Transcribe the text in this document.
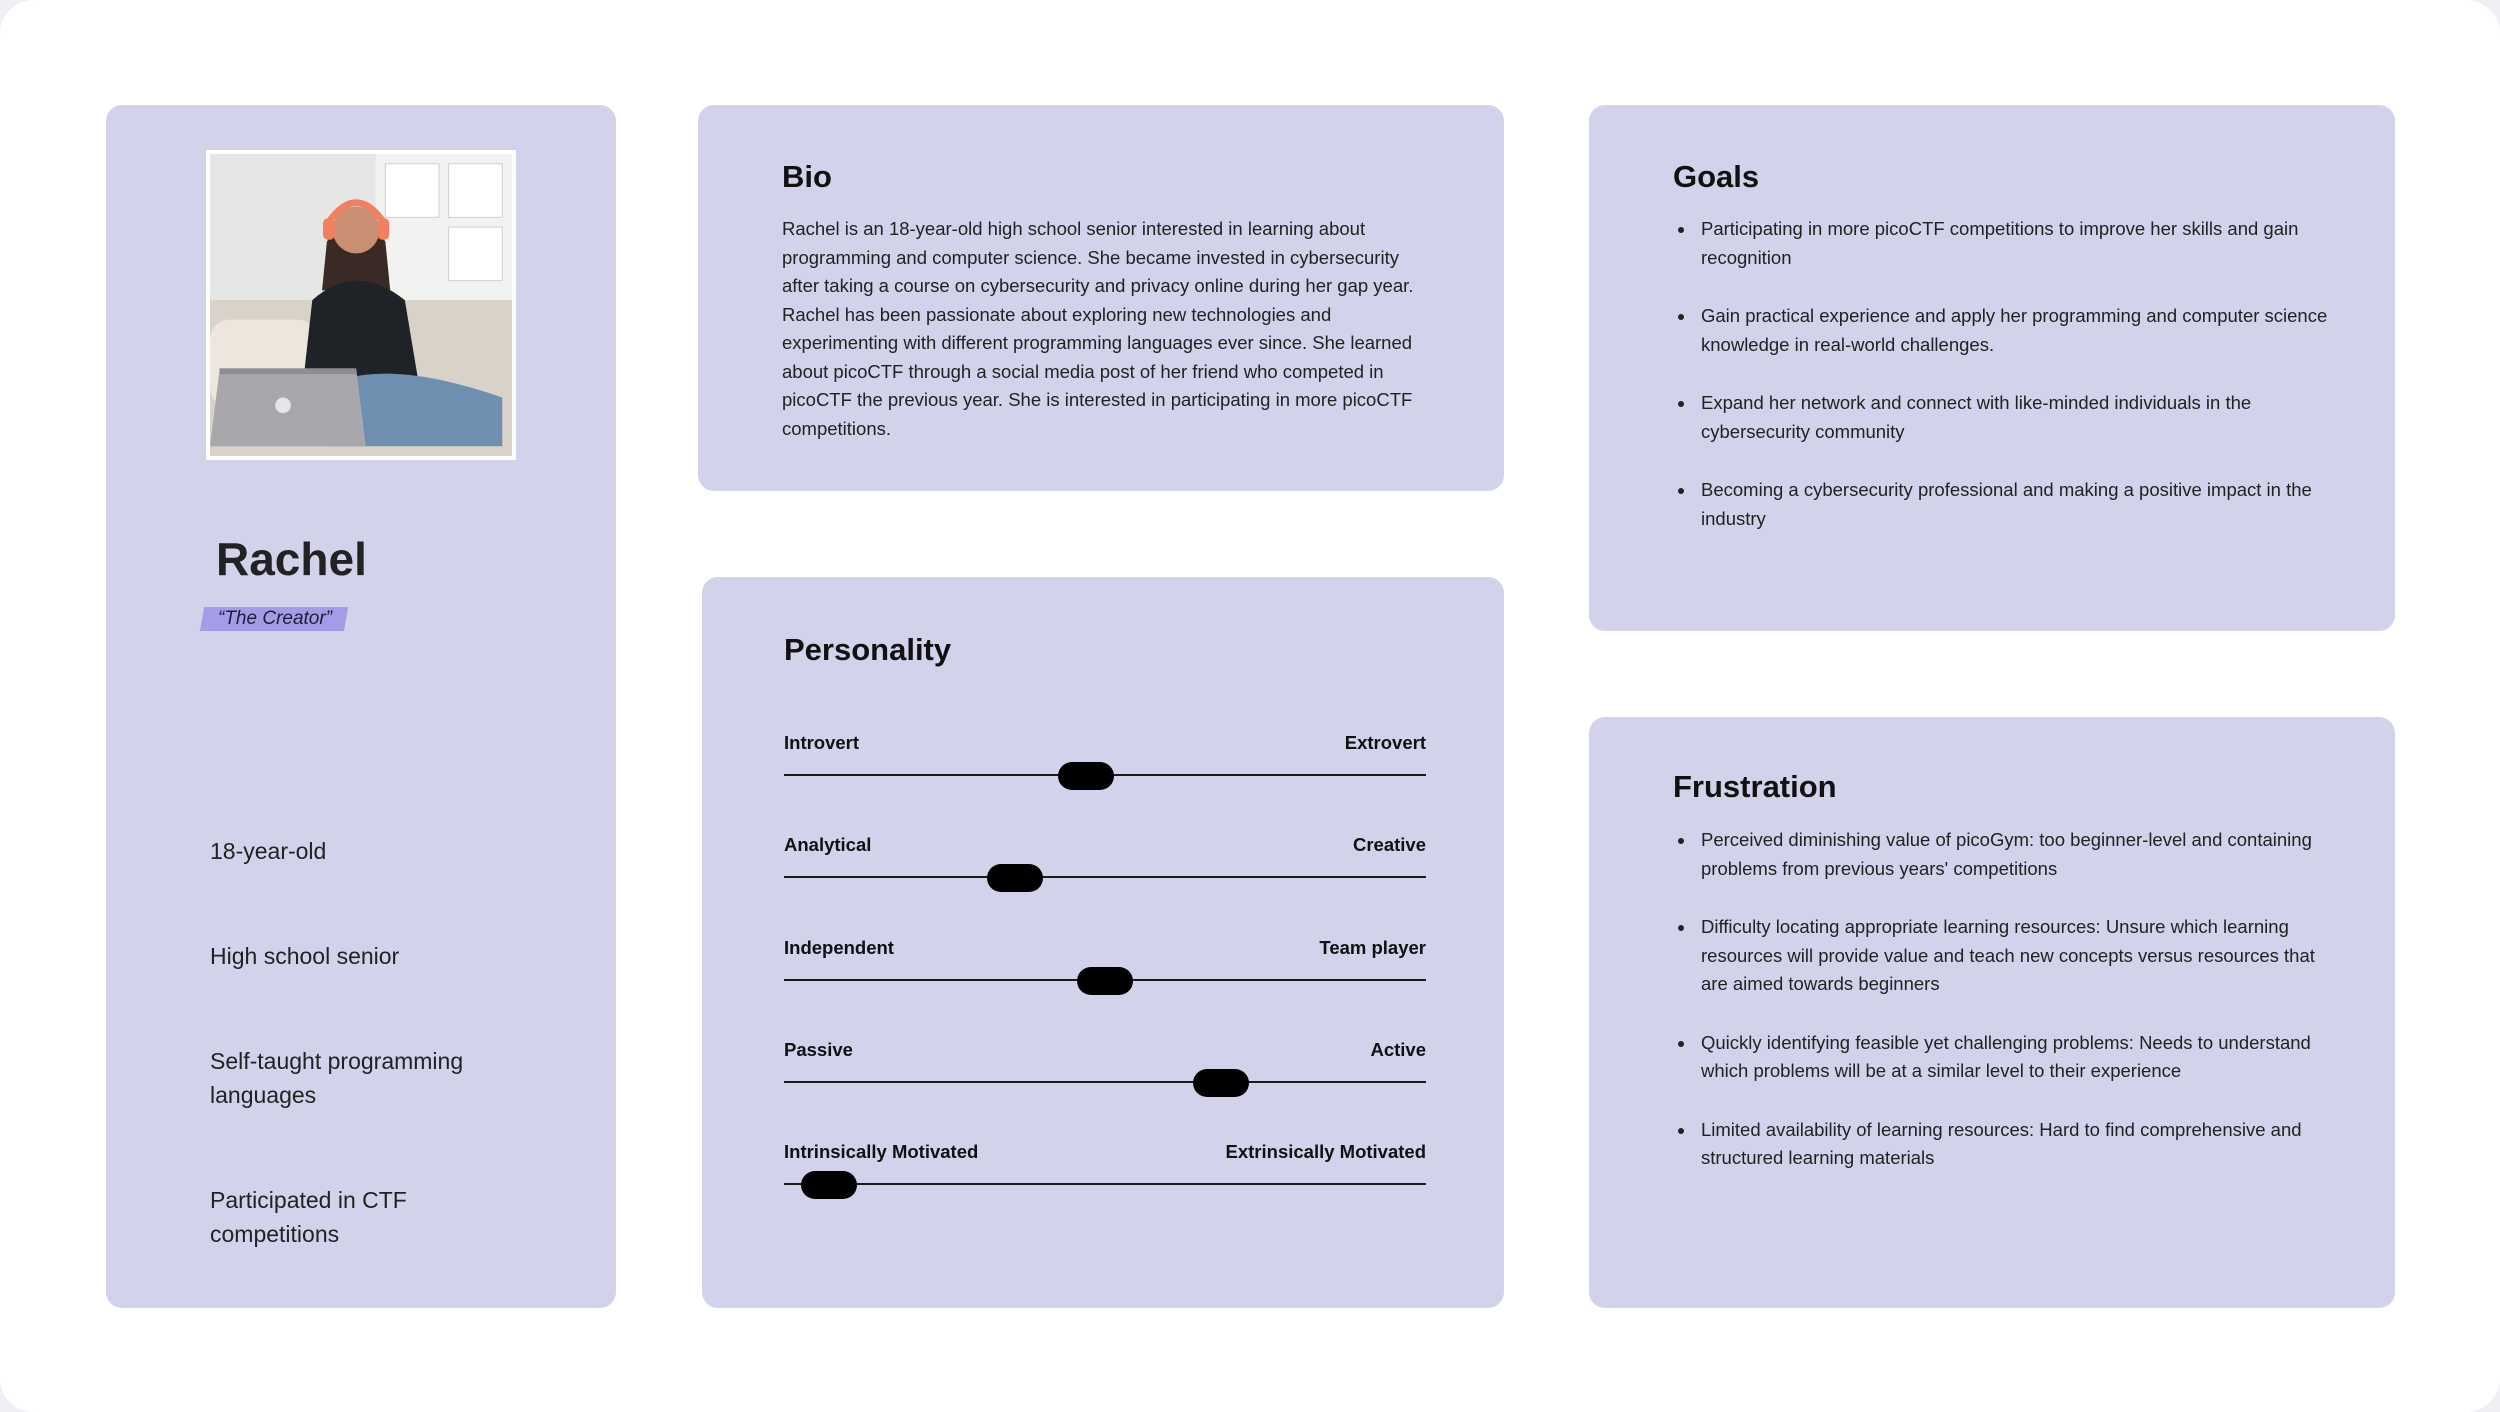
Rachel
“The Creator”
18-year-old
High school senior
Self-taught programming languages
Participated in CTF competitions
Bio
Rachel is an 18-year-old high school senior interested in learning about programming and computer science. She became invested in cybersecurity after taking a course on cybersecurity and privacy online during her gap year. Rachel has been passionate about exploring new technologies and experimenting with different programming languages ever since. She learned about picoCTF through a social media post of her friend who competed in picoCTF the previous year. She is interested in participating in more picoCTF competitions.
Personality
Introvert	Extrovert
Analytical	Creative
Independent	Team player
Passive	Active
Intrinsically Motivated	Extrinsically Motivated
Goals
Participating in more picoCTF competitions to improve her skills and gain recognition
Gain practical experience and apply her programming and computer science knowledge in real-world challenges.
Expand her network and connect with like-minded individuals in the cybersecurity community
Becoming a cybersecurity professional and making a positive impact in the industry
Frustration
Perceived diminishing value of picoGym: too beginner-level and containing problems from previous years' competitions
Difficulty locating appropriate learning resources: Unsure which learning resources will provide value and teach new concepts versus resources that are aimed towards beginners
Quickly identifying feasible yet challenging problems: Needs to understand which problems will be at a similar level to their experience
Limited availability of learning resources: Hard to find comprehensive and structured learning materials
